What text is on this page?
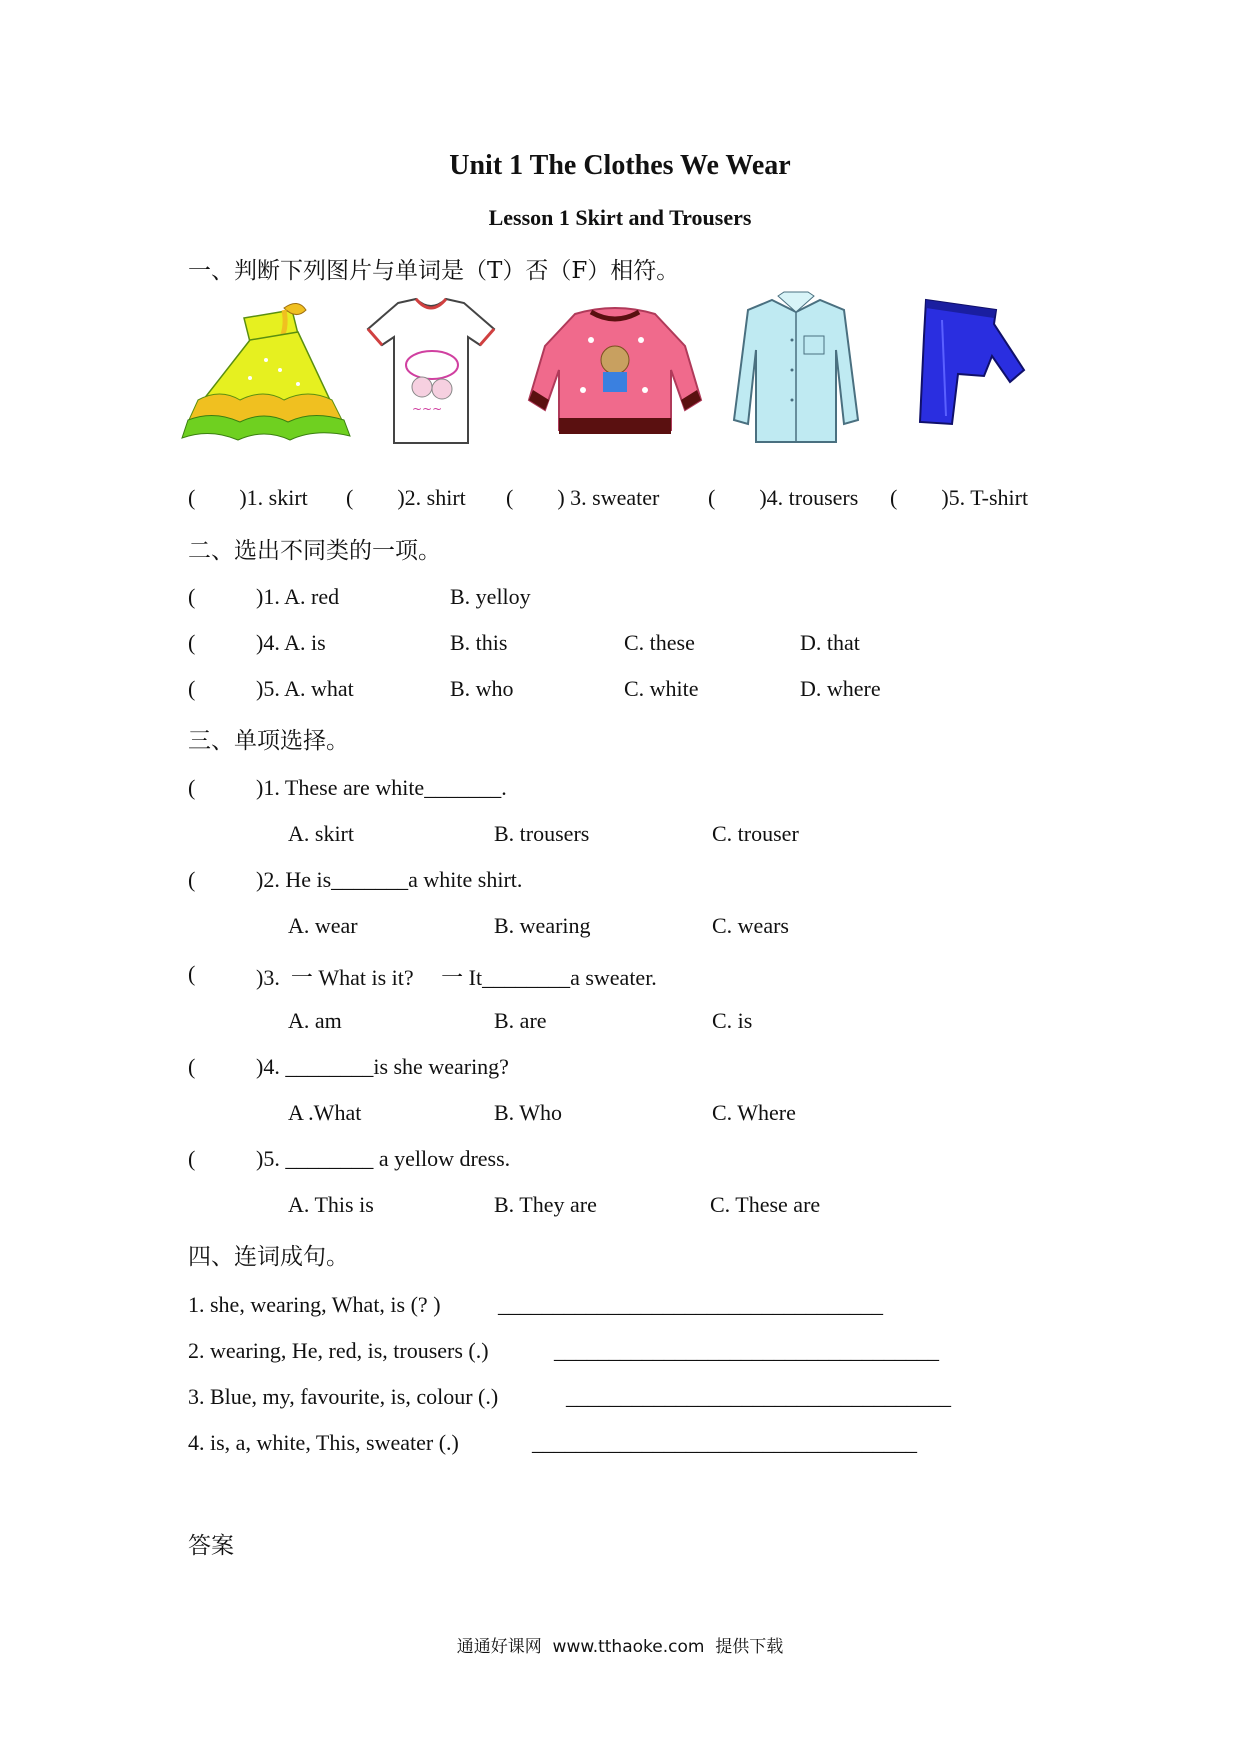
Unit 1 The Clothes We Wear
Lesson 1 Skirt and Trousers
一、判断下列图片与单词是（T）否（F）相符。
~~~
(        )1. skirt (        )2. shirt (        ) 3. sweater (        )4. trousers (        )5. T-shirt
二、选出不同类的一项。
(	)1. A. red	B. yelloy
(	)4. A. is	B. this	C. these	D. that
(	)5. A. what	B. who	C. white	D. where
三、单项选择。
(	)1. These are white_______.
A. skirt	B. trousers	C. trouser
(	)2. He is_______a white shirt.
A. wear	B. wearing	C. wears
(	)3.  一 What is it?     一 It________a sweater.
A. am	B. are	C. is
(	)4. ________is she wearing?
A .What	B. Who	C. Where
(	)5. ________ a yellow dress.
A. This is	B. They are	C. These are
四、连词成句。
1. she, wearing, What, is (? )	___________________________________
2. wearing, He, red, is, trousers (.)	___________________________________
3. Blue, my, favourite, is, colour (.)	___________________________________
4. is, a, white, This, sweater (.)	___________________________________
答案
通通好课网  www.tthaoke.com  提供下载
